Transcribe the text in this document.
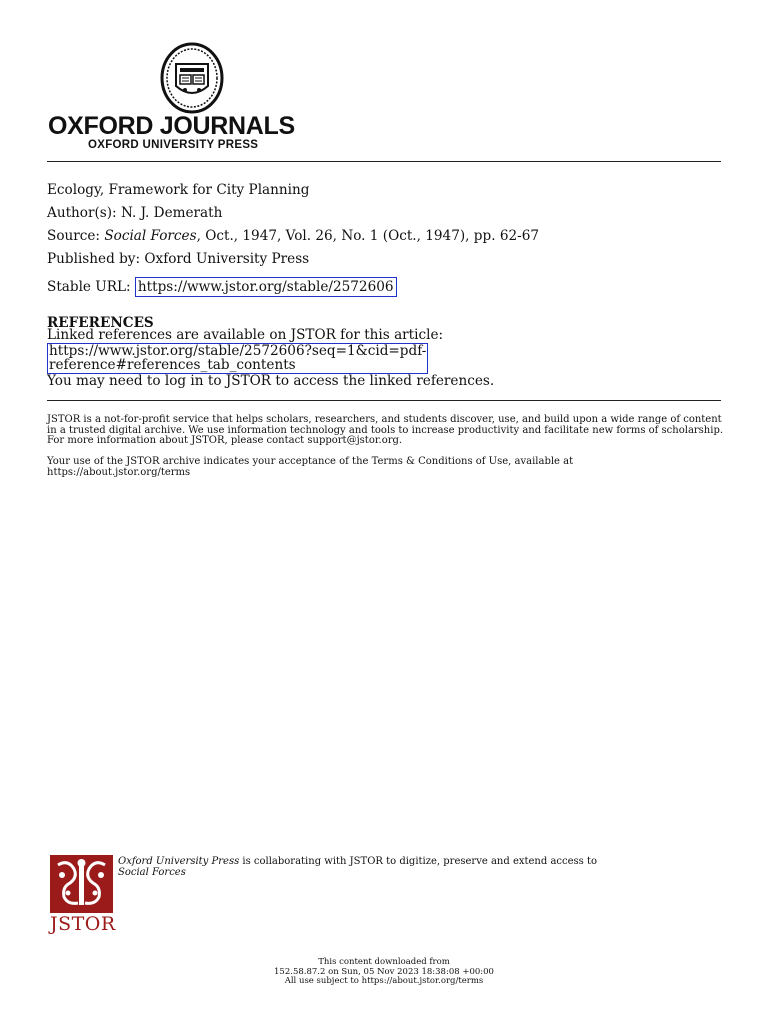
OXFORD JOURNALS
OXFORD UNIVERSITY PRESS
Ecology, Framework for City Planning
Author(s): N. J. Demerath
Source: Social Forces, Oct., 1947, Vol. 26, No. 1 (Oct., 1947), pp. 62-67
Published by: Oxford University Press
Stable URL: https://www.jstor.org/stable/2572606
REFERENCES
Linked references are available on JSTOR for this article:
https://www.jstor.org/stable/2572606?seq=1&cid=pdf-
reference#references_tab_contents
You may need to log in to JSTOR to access the linked references.
JSTOR is a not-for-profit service that helps scholars, researchers, and students discover, use, and build upon a wide range of content in a trusted digital archive. We use information technology and tools to increase productivity and facilitate new forms of scholarship. For more information about JSTOR, please contact support@jstor.org.
Your use of the JSTOR archive indicates your acceptance of the Terms & Conditions of Use, available at
https://about.jstor.org/terms
JSTOR
Oxford University Press is collaborating with JSTOR to digitize, preserve and extend access to
Social Forces
This content downloaded from
152.58.87.2 on Sun, 05 Nov 2023 18:38:08 +00:00
All use subject to https://about.jstor.org/terms
